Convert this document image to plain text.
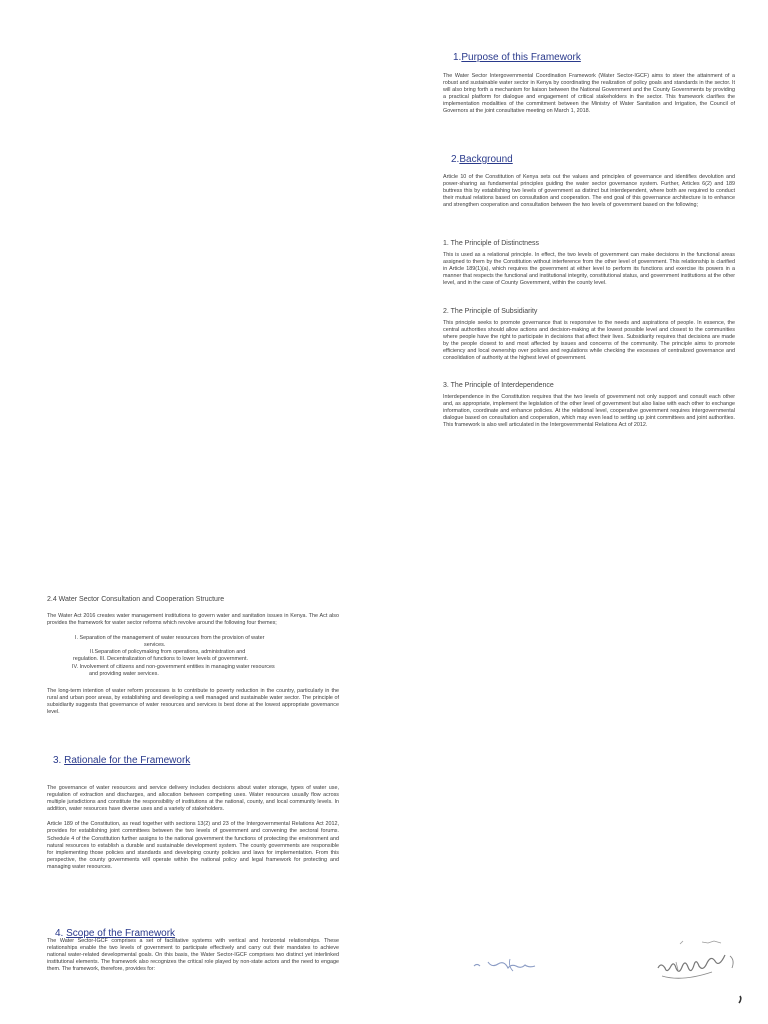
1.Purpose of this Framework

The Water Sector Intergovernmental Coordination Framework (Water Sector-IGCF) aims to steer the attainment of a robust and sustainable water sector in Kenya by coordinating the realization of policy goals and standards in the sector. It will also bring forth a mechanism for liaison between the National Government and the County Governments by providing a practical platform for dialogue and engagement of critical stakeholders in the sector. This framework clarifies the implementation modalities of the commitment between the Ministry of Water Sanitation and Irrigation, the Council of Governors at the joint consultative meeting on March 1, 2018.

2.Background

Article 10 of the Constitution of Kenya sets out the values and principles of governance and identifies devolution and power-sharing as fundamental principles guiding the water sector governance system. Further, Articles 6(2) and 189 buttress this by establishing two levels of government as distinct but interdependent, where both are required to conduct their mutual relations based on consultation and cooperation. The end goal of this governance architecture is to enhance and strengthen cooperation and consultation between the two levels of government based on the following;

1. The Principle of Distinctness

This is used as a relational principle. In effect, the two levels of government can make decisions in the functional areas assigned to them by the Constitution without interference from the other level of government. This relationship is clarified in Article 189(1)(a), which requires the government at either level to perform its functions and exercise its powers in a manner that respects the functional and institutional integrity, constitutional status, and government institutions at the other level, and in the case of County Government, within the county level.

2. The Principle of Subsidiarity

This principle seeks to promote governance that is responsive to the needs and aspirations of people. In essence, the central authorities should allow actions and decision-making at the lowest possible level and closest to the communities where people have the right to participate in decisions that affect their lives. Subsidiarity requires that decisions are made by the people closest to and most affected by issues and concerns of the community. The principle aims to promote efficiency and local ownership over policies and regulations while checking the excesses of centralized governance and consolidation of authority at the highest level of government.

3. The Principle of Interdependence

Interdependence in the Constitution requires that the two levels of government not only support and consult each other and, as appropriate, implement the legislation of the other level of government but also liaise with each other to exchange information, coordinate and enhance policies. At the relational level, cooperative government requires intergovernmental dialogue based on consultation and cooperation, which may even lead to setting up joint committees and joint authorities. This framework is also well articulated in the Intergovernmental Relations Act of 2012.

2.4 Water Sector Consultation and Cooperation Structure

The Water Act 2016 creates water management institutions to govern water and sanitation issues in Kenya. The Act also provides the framework for water sector reforms which revolve around the following four themes;

I. Separation of the management of water resources from the provision of water
services.
II.Separation of policymaking from operations, administration and
regulation. III. Decentralization of functions to lower levels of government.
IV. Involvement of citizens and non-government entities in managing water resources
and providing water services.

The long-term intention of water reform processes is to contribute to poverty reduction in the country, particularly in the rural and urban poor areas, by establishing and developing a well managed and sustainable water sector. The principle of subsidiarity suggests that governance of water resources and services is best done at the lowest appropriate governance level.

3. Rationale for the Framework

The governance of water resources and service delivery includes decisions about water storage, types of water use, regulation of extraction and discharges, and allocation between competing uses. Water resources usually flow across multiple jurisdictions and constitute the responsibility of institutions at the national, county, and local community levels. In addition, water resources have diverse uses and a variety of stakeholders.

Article 189 of the Constitution, as read together with sections 13(2) and 23 of the Intergovernmental Relations Act 2012, provides for establishing joint committees between the two levels of government and convening the sectoral forums. Schedule 4 of the Constitution further assigns to the national government the functions of protecting the environment and natural resources to establish a durable and sustainable development system. The county governments are responsible for implementing those policies and standards and developing county policies and laws for implementation. From this perspective, the county governments will operate within the national policy and legal framework for protecting and managing water resources.

4. Scope of the Framework

The Water Sector-IGCF comprises a set of facilitative systems with vertical and horizontal relationships. These relationships enable the two levels of government to participate effectively and carry out their mandates to achieve national water-related developmental goals. On this basis, the Water Sector-IGCF comprises two distinct yet interlinked institutional elements. The framework also recognizes the critical role played by non-state actors and the need to engage them. The framework, therefore, provides for:
